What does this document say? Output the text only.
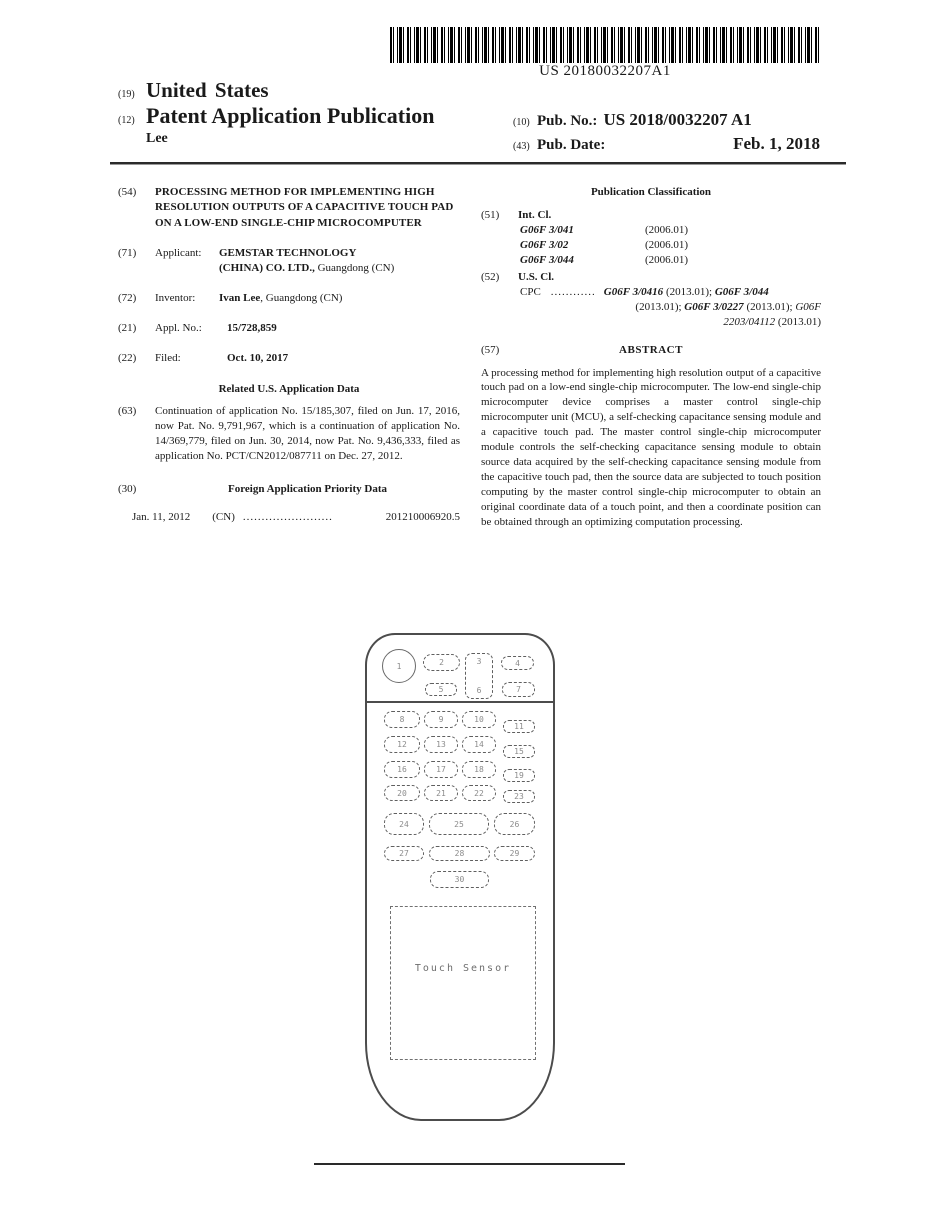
US 20180032207A1
(19) United States
(12) Patent Application Publication
Lee
(10) Pub. No.: US 2018/0032207 A1
(43) Pub. Date:	Feb. 1, 2018
(54)	PROCESSING METHOD FOR IMPLEMENTING HIGH RESOLUTION OUTPUTS OF A CAPACITIVE TOUCH PAD ON A LOW-END SINGLE-CHIP MICROCOMPUTER
(71)	Applicant:	GEMSTAR TECHNOLOGY
(CHINA) CO. LTD., Guangdong (CN)
(72)	Inventor:	Ivan Lee, Guangdong (CN)
(21)	Appl. No.:	15/728,859
(22)	Filed:	Oct. 10, 2017
Related U.S. Application Data
(63)	Continuation of application No. 15/185,307, filed on Jun. 17, 2016, now Pat. No. 9,791,967, which is a continuation of application No. 14/369,779, filed on Jun. 30, 2014, now Pat. No. 9,436,333, filed as application No. PCT/CN2012/087711 on Dec. 27, 2012.
(30)	Foreign Application Priority Data
Jan. 11, 2012 (CN) ........................	201210006920.5
Publication Classification
(51)	Int. Cl.
G06F 3/041	(2006.01)
G06F 3/02	(2006.01)
G06F 3/044	(2006.01)
(52)	U.S. Cl.
CPC ............ G06F 3/0416 (2013.01); G06F 3/044
(2013.01); G06F 3/0227 (2013.01); G06F
2203/04112 (2013.01)
(57)	ABSTRACT
A processing method for implementing high resolution output of a capacitive touch pad on a low-end single-chip microcomputer. The low-end single-chip microcomputer device comprises a master control single-chip microcomputer unit (MCU), a self-checking capacitance sensing module and a capacitive touch pad. The master control single-chip microcomputer module controls the self-checking capacitance sensing module to obtain source data acquired by the self-checking capacitance sensing module from the capacitive touch pad, then the source data are subjected to touch position computing by the master control single-chip microcomputer to obtain an original coordinate data of a touch point, and then a coordinate position can be obtained through an optimizing computation processing.
1	2	3
6
4
5	7
8	9	10
11
12	13	14
15
16	17	18
19
20	21	22	23
24	25	26
27	28	29
30
Touch Sensor
